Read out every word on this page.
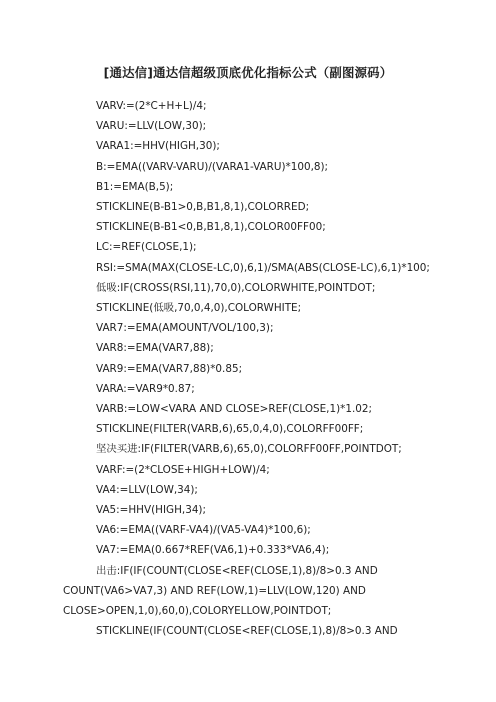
[通达信]通达信超级顶底优化指标公式（副图源码）

VARV:=(2*C+H+L)/4;

VARU:=LLV(LOW,30);

VARA1:=HHV(HIGH,30);

B:=EMA((VARV-VARU)/(VARA1-VARU)*100,8);

B1:=EMA(B,5);

STICKLINE(B-B1>0,B,B1,8,1),COLORRED;

STICKLINE(B-B1<0,B,B1,8,1),COLOR00FF00;

LC:=REF(CLOSE,1);

RSI:=SMA(MAX(CLOSE-LC,0),6,1)/SMA(ABS(CLOSE-LC),6,1)*100;

低吸:IF(CROSS(RSI,11),70,0),COLORWHITE,POINTDOT;

STICKLINE(低吸,70,0,4,0),COLORWHITE;

VAR7:=EMA(AMOUNT/VOL/100,3);

VAR8:=EMA(VAR7,88);

VAR9:=EMA(VAR7,88)*0.85;

VARA:=VAR9*0.87;

VARB:=LOW<VARA AND CLOSE>REF(CLOSE,1)*1.02;

STICKLINE(FILTER(VARB,6),65,0,4,0),COLORFF00FF;

坚决买进:IF(FILTER(VARB,6),65,0),COLORFF00FF,POINTDOT;

VARF:=(2*CLOSE+HIGH+LOW)/4;

VA4:=LLV(LOW,34);

VA5:=HHV(HIGH,34);

VA6:=EMA((VARF-VA4)/(VA5-VA4)*100,6);

VA7:=EMA(0.667*REF(VA6,1)+0.333*VA6,4);

出击:IF(IF(COUNT(CLOSE<REF(CLOSE,1),8)/8>0.3 AND COUNT(VA6>VA7,3) AND REF(LOW,1)=LLV(LOW,120) AND CLOSE>OPEN,1,0),60,0),COLORYELLOW,POINTDOT;

STICKLINE(IF(COUNT(CLOSE<REF(CLOSE,1),8)/8>0.3 AND
